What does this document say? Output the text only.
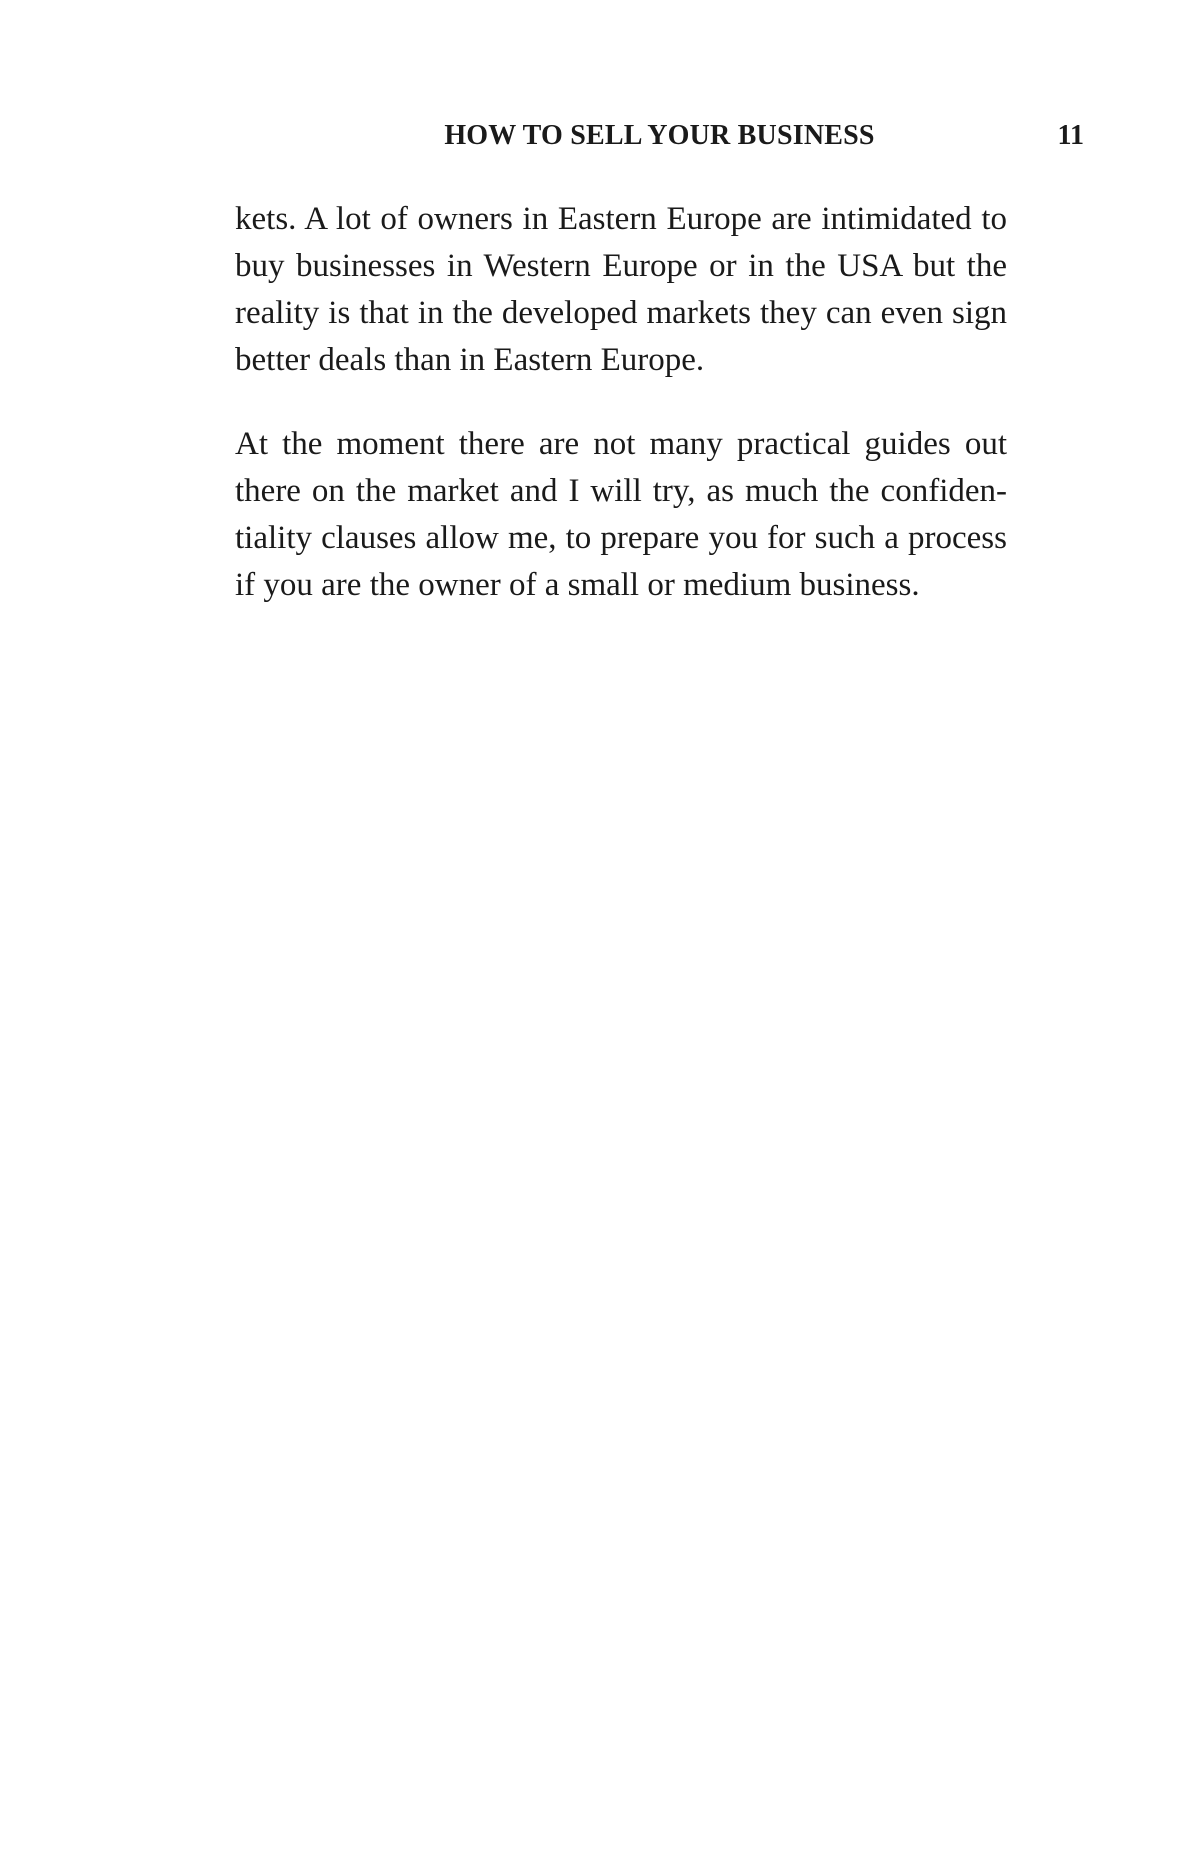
HOW TO SELL YOUR BUSINESS	11
kets. A lot of owners in Eastern Europe are intimidated to
buy businesses in Western Europe or in the USA but the
reality is that in the developed markets they can even sign
better deals than in Eastern Europe.
At the moment there are not many practical guides out
there on the market and I will try, as much the confiden-
tiality clauses allow me, to prepare you for such a process
if you are the owner of a small or medium business.
